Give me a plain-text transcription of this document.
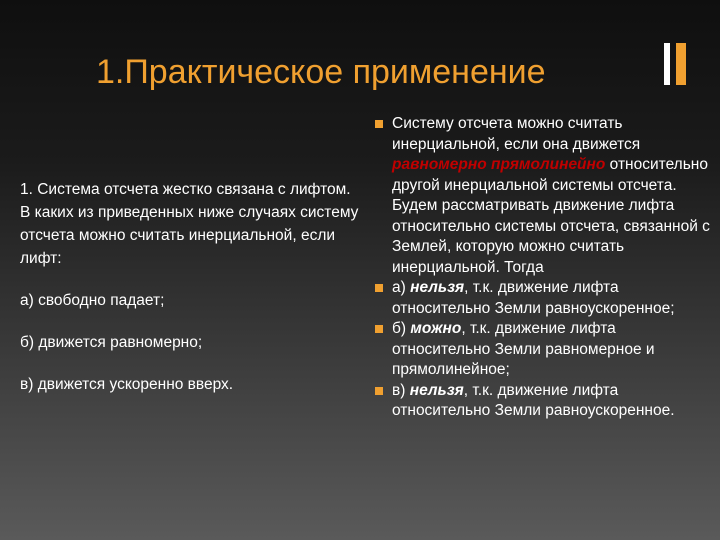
1.Практическое применение

1. Система отсчета жестко связана с лифтом. В каких из приведенных ниже случаях систему отсчета можно считать инерциальной, если лифт:

а) свободно падает;

б) движется равномерно;

в) движется ускоренно вверх.

Систему отсчета можно считать инерциальной, если она движется равномерно прямолинейно относительно другой инерциальной системы отсчета. Будем рассматривать движение лифта относительно системы отсчета, связанной с Землей, которую можно считать инерциальной. Тогда

а) нельзя, т.к. движение лифта относительно Земли равноускоренное;

б) можно, т.к. движение лифта относительно Земли равномерное и прямолинейное;

в) нельзя, т.к. движение лифта относительно Земли равноускоренное.
